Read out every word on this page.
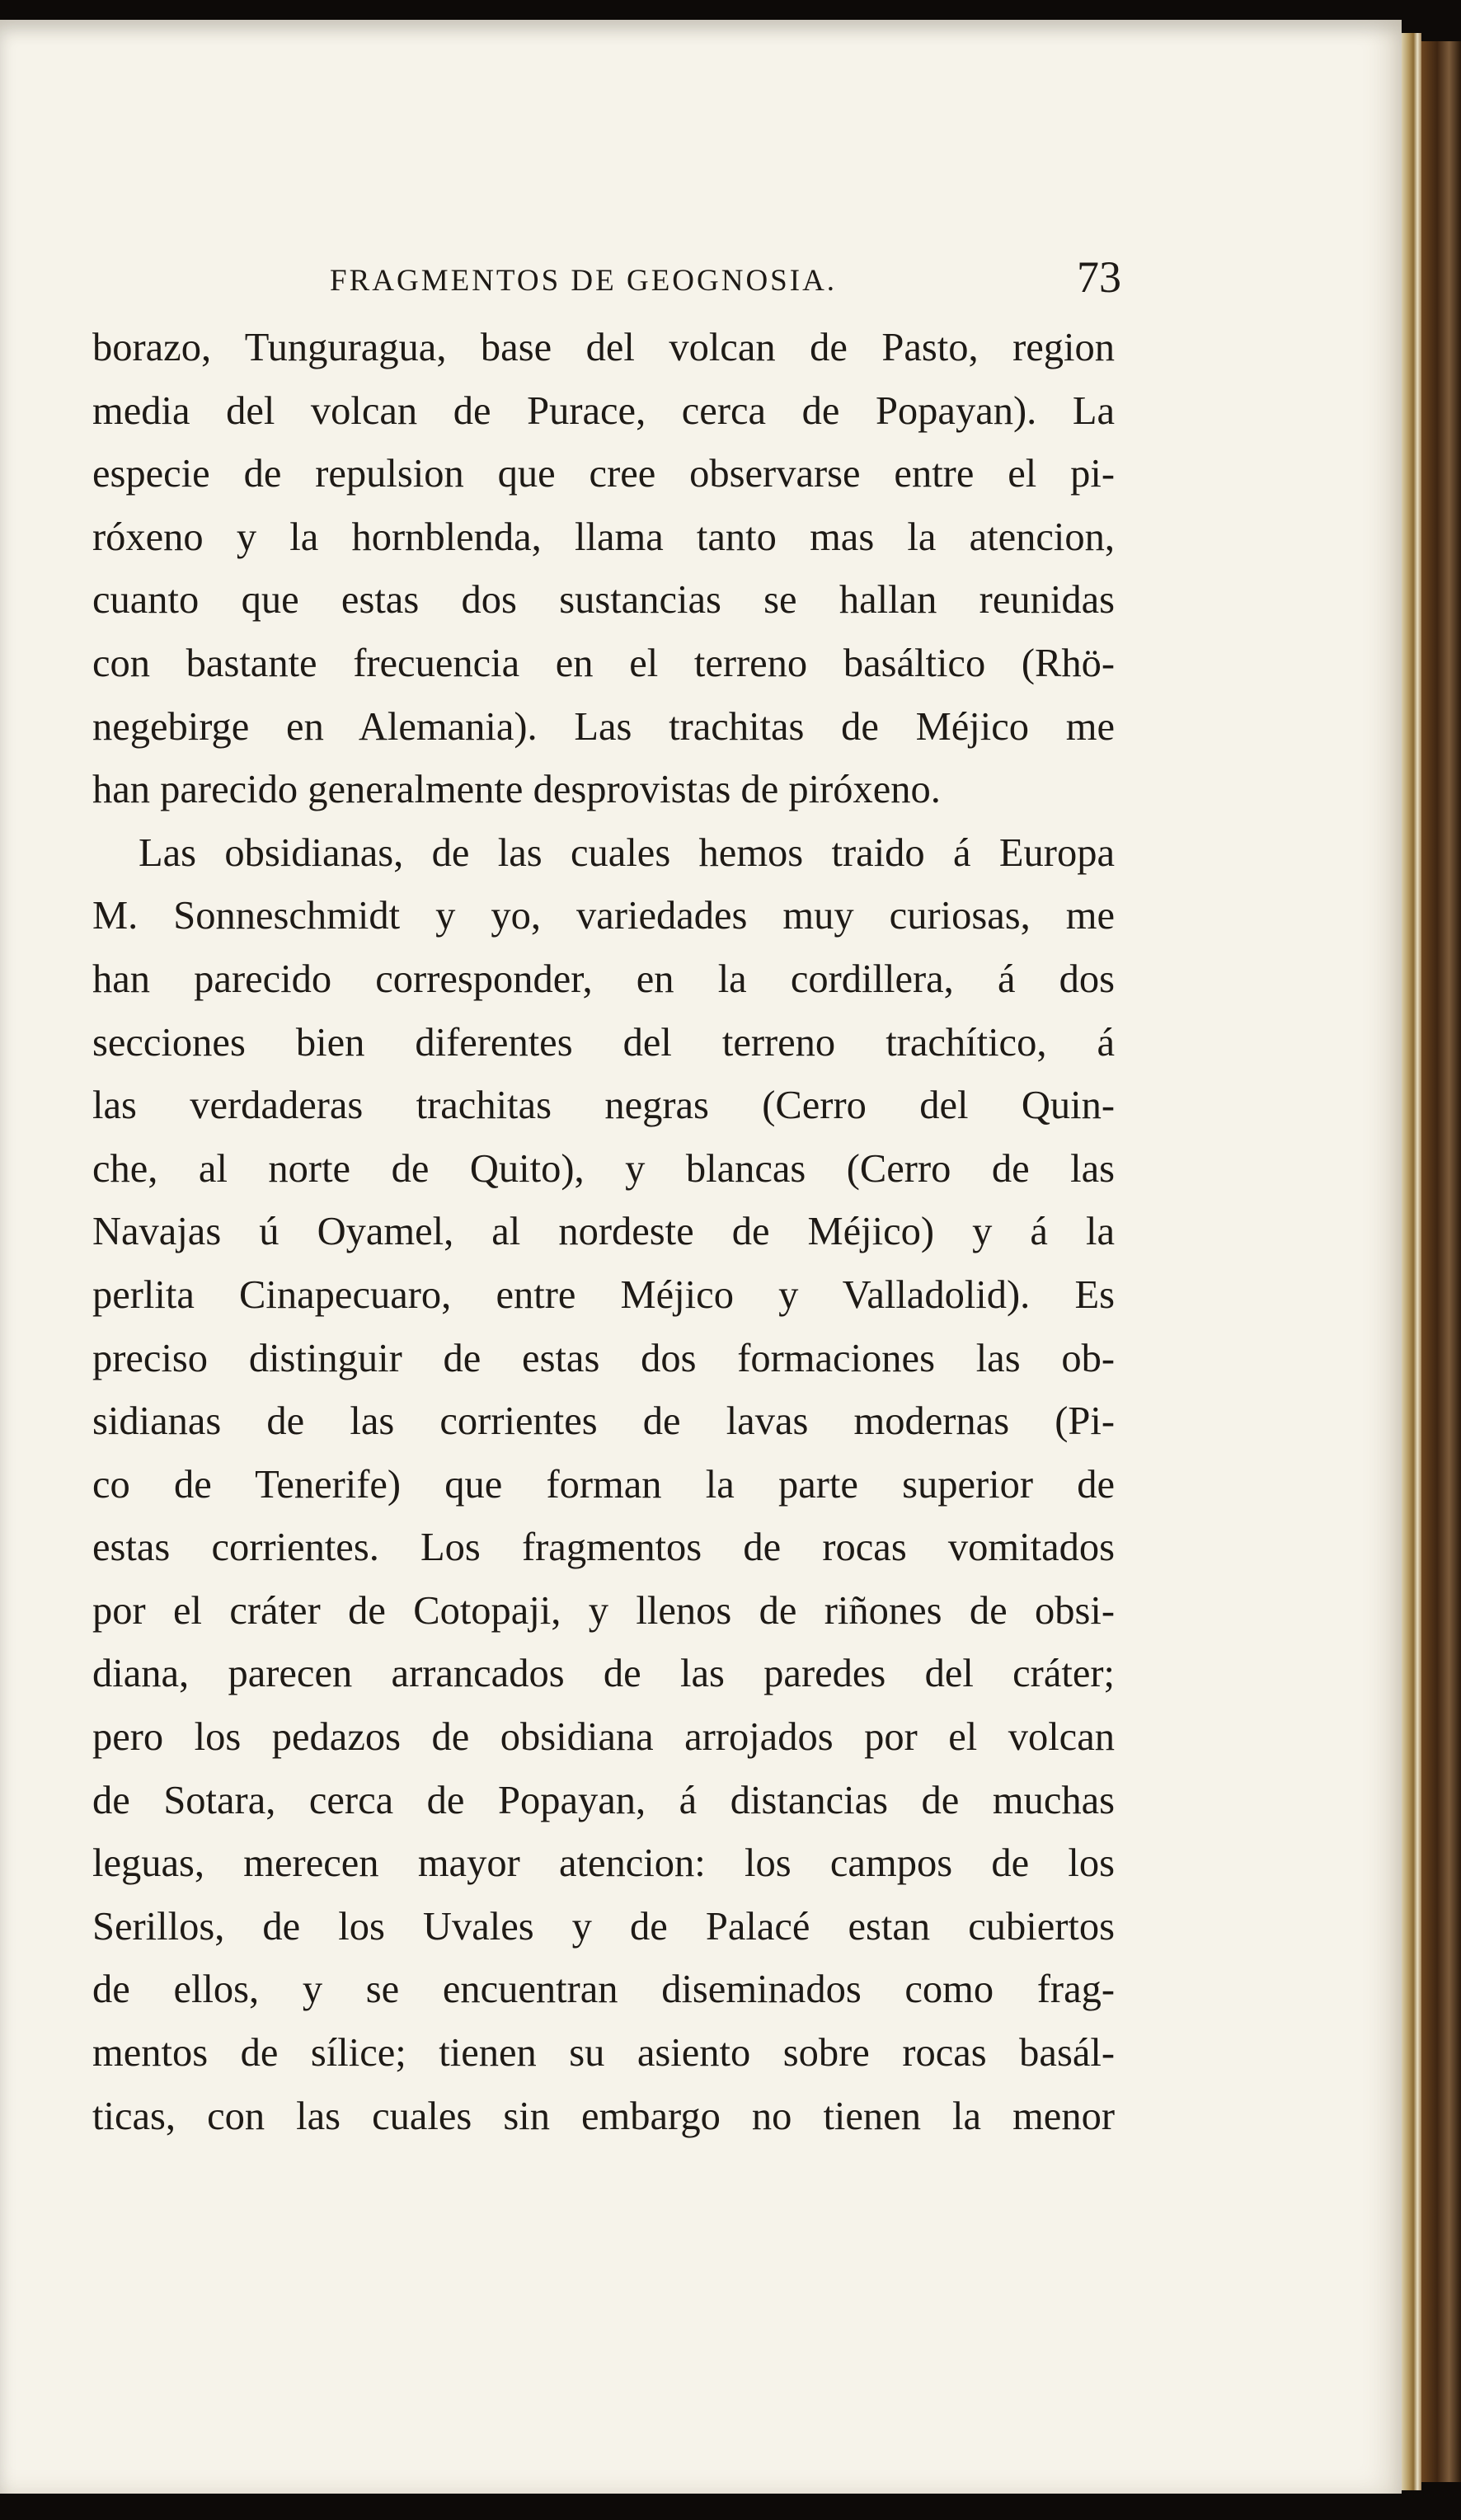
FRAGMENTOS DE GEOGNOSIA.	73
borazo, Tunguragua, base del volcan de Pasto, region
media del volcan de Purace, cerca de Popayan). La
especie de repulsion que cree observarse entre el pi-
róxeno y la hornblenda, llama tanto mas la atencion,
cuanto que estas dos sustancias se hallan reunidas
con bastante frecuencia en el terreno basáltico (Rhö-
negebirge en Alemania). Las trachitas de Méjico me
han parecido generalmente desprovistas de piróxeno.
Las obsidianas, de las cuales hemos traido á Europa
M. Sonneschmidt y yo, variedades muy curiosas, me
han parecido corresponder, en la cordillera, á dos
secciones bien diferentes del terreno trachítico, á
las verdaderas trachitas negras (Cerro del Quin-
che, al norte de Quito), y blancas (Cerro de las
Navajas ú Oyamel, al nordeste de Méjico) y á la
perlita Cinapecuaro, entre Méjico y Valladolid). Es
preciso distinguir de estas dos formaciones las ob-
sidianas de las corrientes de lavas modernas (Pi-
co de Tenerife) que forman la parte superior de
estas corrientes. Los fragmentos de rocas vomitados
por el cráter de Cotopaji, y llenos de riñones de obsi-
diana, parecen arrancados de las paredes del cráter;
pero los pedazos de obsidiana arrojados por el volcan
de Sotara, cerca de Popayan, á distancias de muchas
leguas, merecen mayor atencion: los campos de los
Serillos, de los Uvales y de Palacé estan cubiertos
de ellos, y se encuentran diseminados como frag-
mentos de sílice; tienen su asiento sobre rocas basál-
ticas, con las cuales sin embargo no tienen la menor
